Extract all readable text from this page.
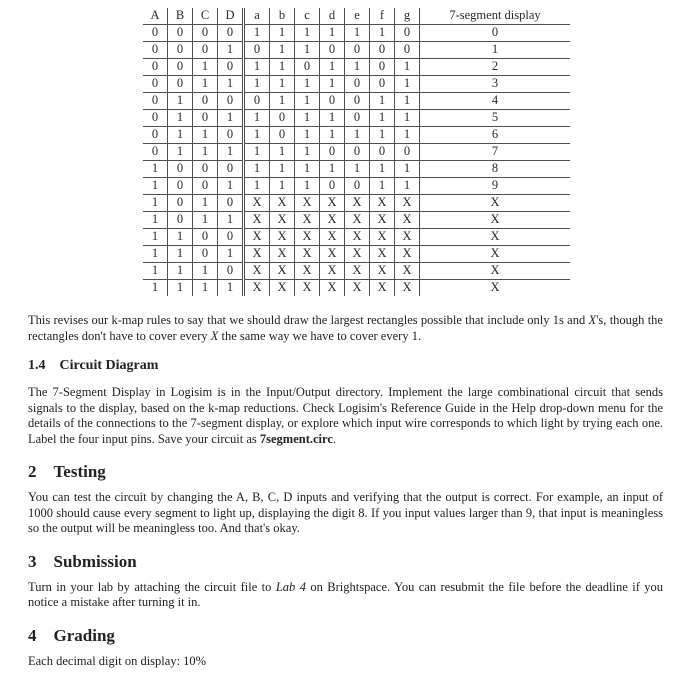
A	B	C	D	a	b	c	d	e	f	g	7-segment display
0	0	0	0	1	1	1	1	1	1	0	0
0	0	0	1	0	1	1	0	0	0	0	1
0	0	1	0	1	1	0	1	1	0	1	2
0	0	1	1	1	1	1	1	0	0	1	3
0	1	0	0	0	1	1	0	0	1	1	4
0	1	0	1	1	0	1	1	0	1	1	5
0	1	1	0	1	0	1	1	1	1	1	6
0	1	1	1	1	1	1	0	0	0	0	7
1	0	0	0	1	1	1	1	1	1	1	8
1	0	0	1	1	1	1	0	0	1	1	9
1	0	1	0	X	X	X	X	X	X	X	X
1	0	1	1	X	X	X	X	X	X	X	X
1	1	0	0	X	X	X	X	X	X	X	X
1	1	0	1	X	X	X	X	X	X	X	X
1	1	1	0	X	X	X	X	X	X	X	X
1	1	1	1	X	X	X	X	X	X	X	X

This revises our k-map rules to say that we should draw the largest rectangles possible that include only 1s and X's, though the rectangles don't have to cover every X the same way we have to cover every 1.

1.4 Circuit Diagram

The 7-Segment Display in Logisim is in the Input/Output directory. Implement the large combinational circuit that sends signals to the display, based on the k-map reductions. Check Logisim's Reference Guide in the Help drop-down menu for the details of the connections to the 7-segment display, or explore which input wire corresponds to which light by trying each one. Label the four input pins. Save your circuit as 7segment.circ.

2 Testing

You can test the circuit by changing the A, B, C, D inputs and verifying that the output is correct. For example, an input of 1000 should cause every segment to light up, displaying the digit 8. If you input values larger than 9, that input is meaningless so the output will be meaningless too. And that's okay.

3 Submission

Turn in your lab by attaching the circuit file to Lab 4 on Brightspace. You can resubmit the file before the deadline if you notice a mistake after turning it in.

4 Grading

Each decimal digit on display: 10%
